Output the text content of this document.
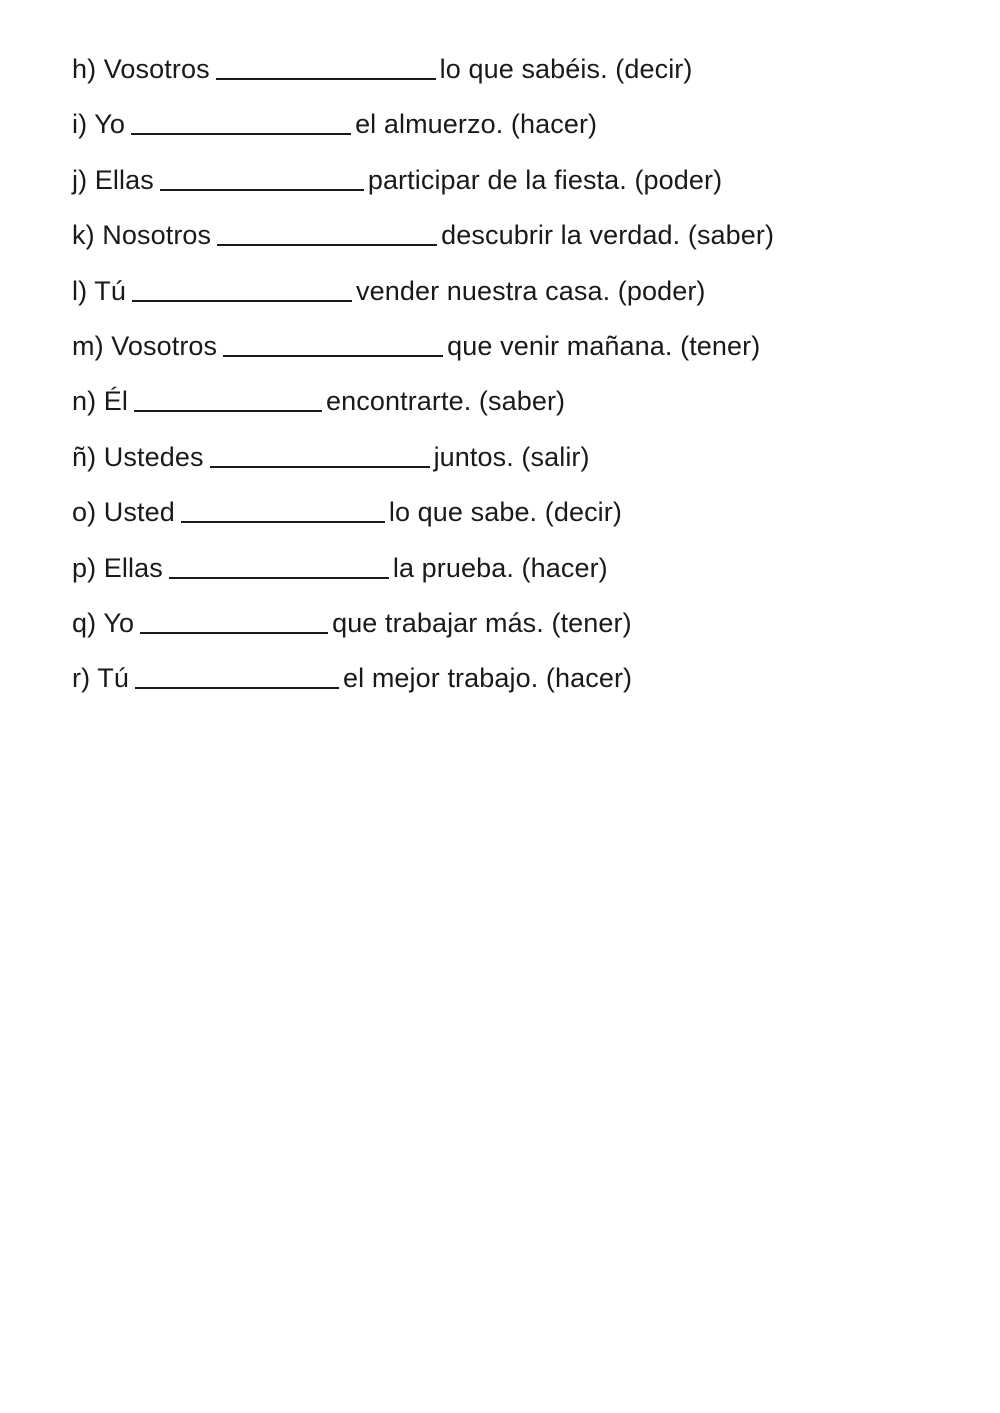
h) Vosotros	lo que sabéis. (decir)
i) Yo	el almuerzo. (hacer)
j) Ellas	participar de la fiesta. (poder)
k) Nosotros	descubrir la verdad. (saber)
l) Tú	vender nuestra casa. (poder)
m) Vosotros	que venir mañana. (tener)
n) Él	encontrarte. (saber)
ñ) Ustedes	juntos. (salir)
o) Usted	lo que sabe. (decir)
p) Ellas	la prueba. (hacer)
q) Yo	que trabajar más. (tener)
r) Tú	el mejor trabajo. (hacer)
